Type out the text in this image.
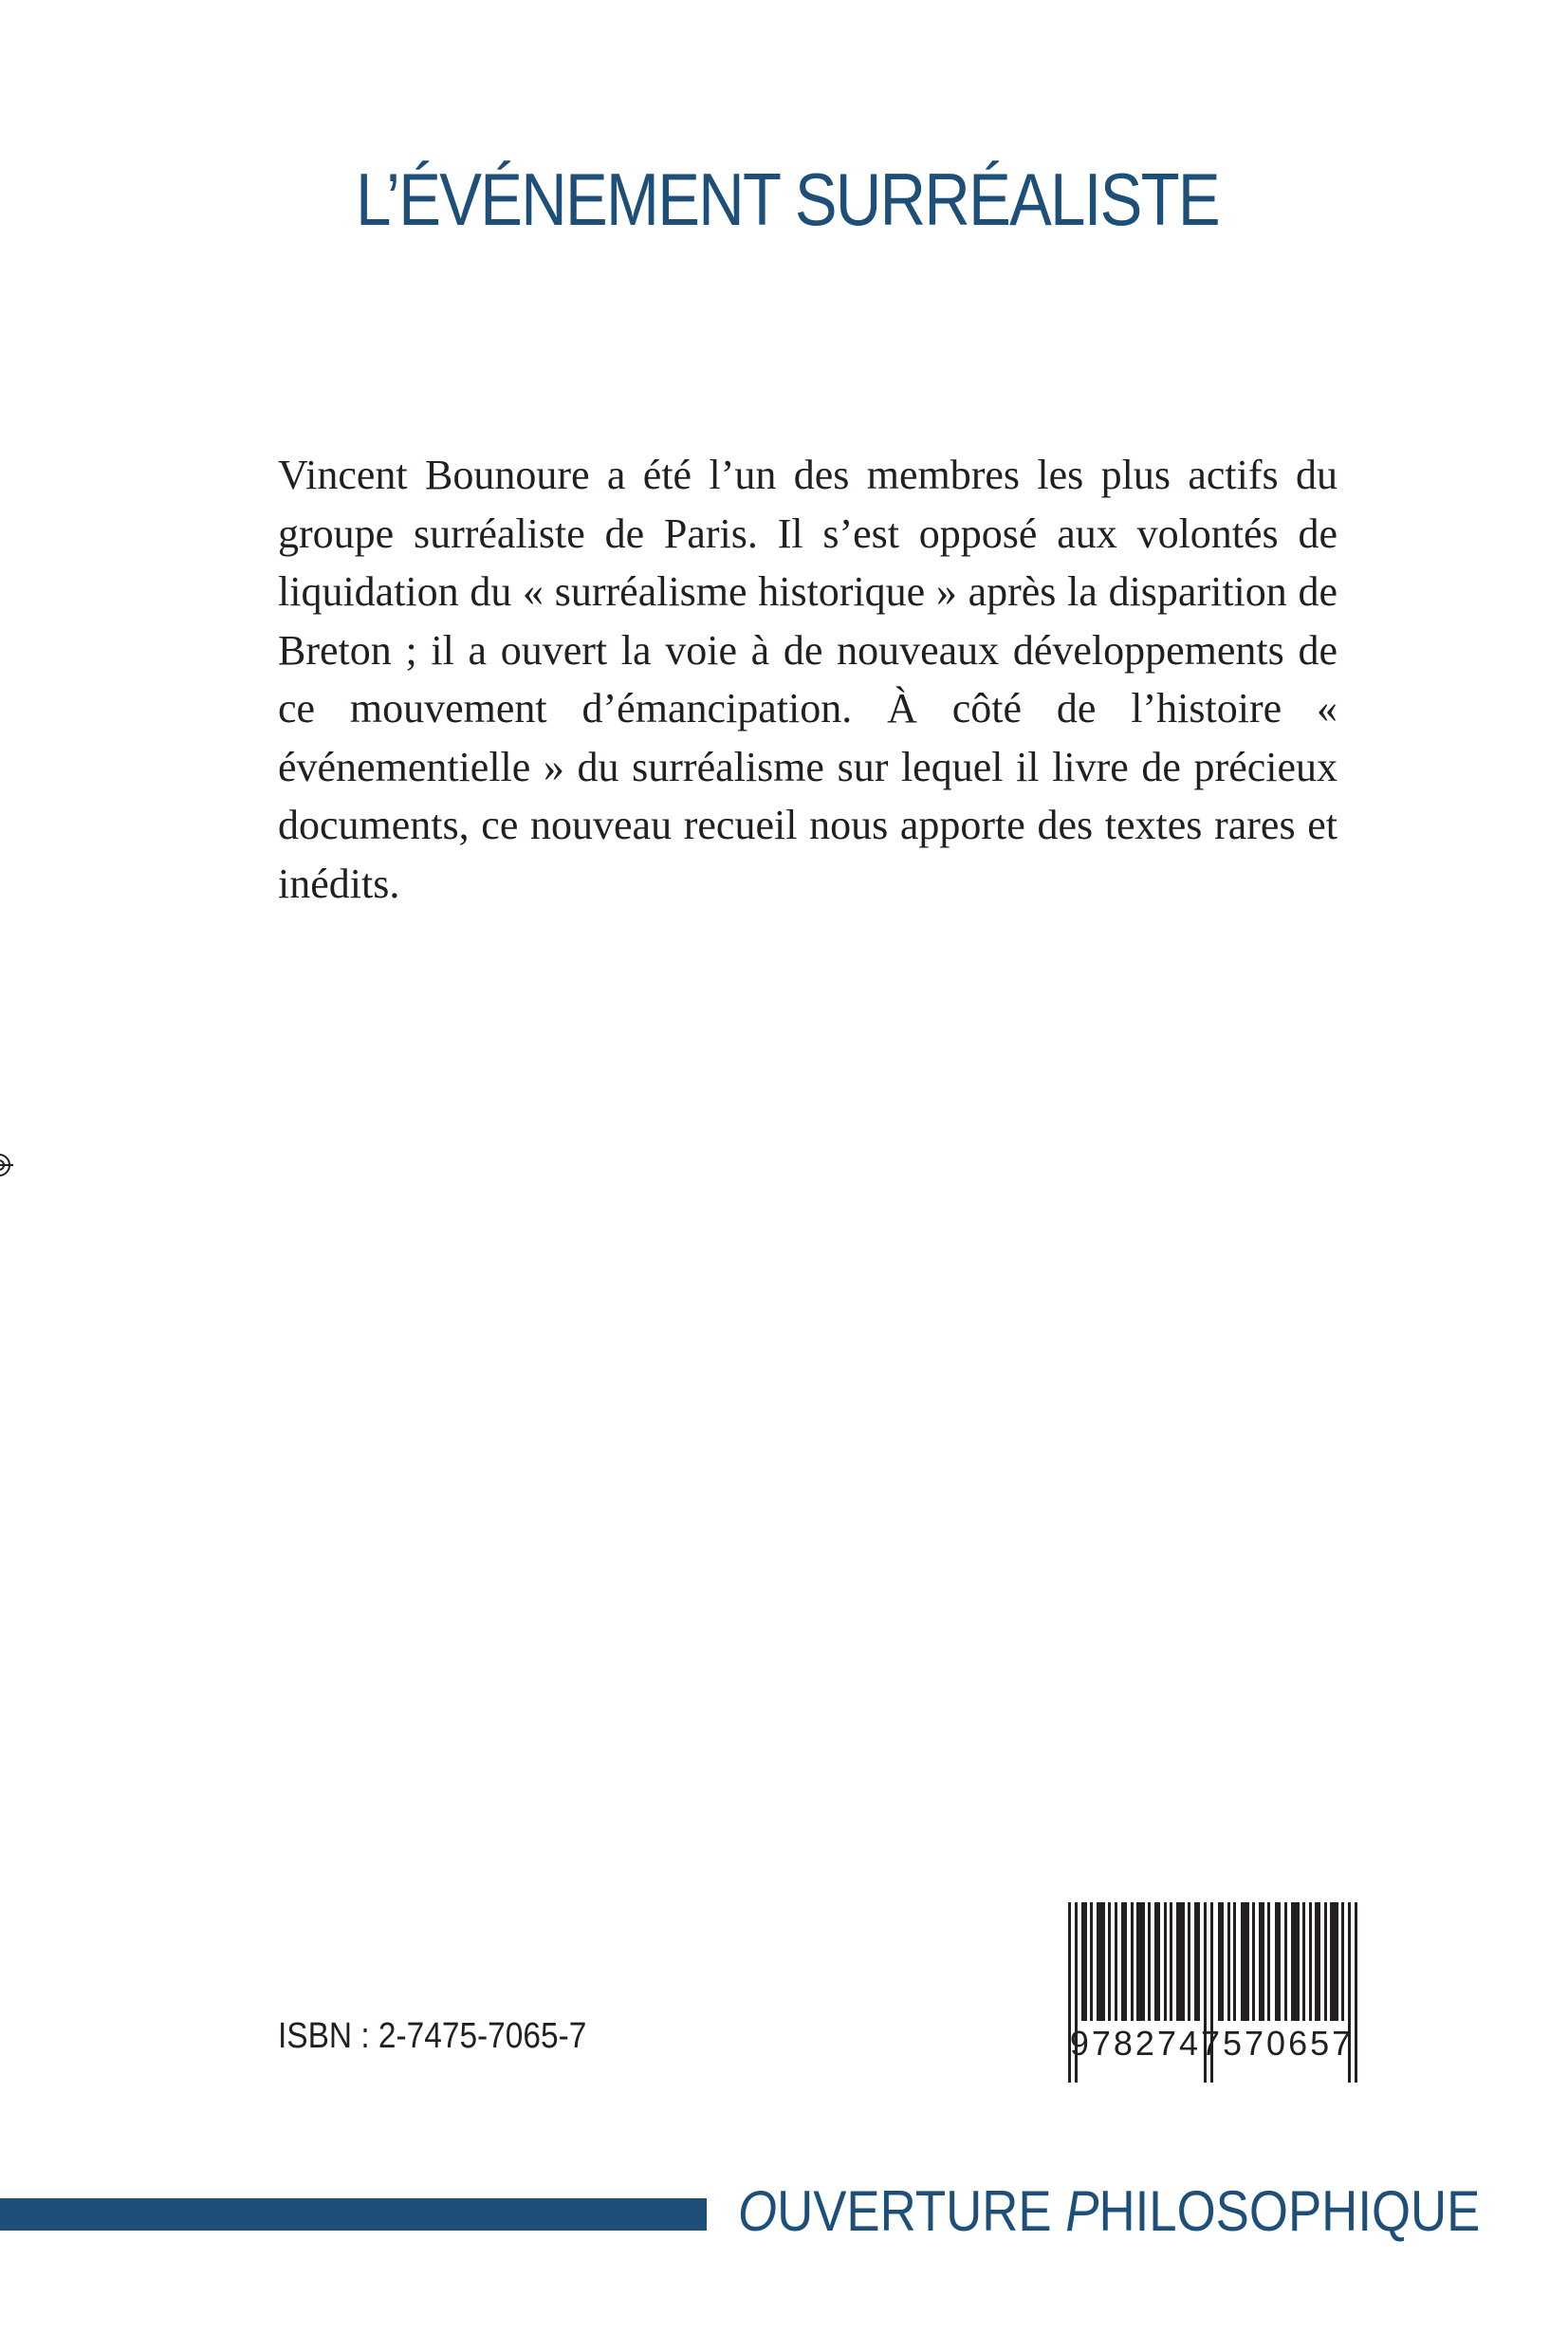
L’ÉVÉNEMENT SURRÉALISTE

Vincent Bounoure a été l’un des membres les plus actifs du groupe surréaliste de Paris. Il s’est opposé aux volontés de liquidation du « surréalisme historique » après la disparition de Breton ; il a ouvert la voie à de nouveaux développements de ce mouvement d’émancipation. À côté de l’histoire « événementielle » du surréalisme sur lequel il livre de précieux documents, ce nouveau recueil nous apporte des textes rares et inédits.

ISBN : 2-7475-7065-7	9782747570657
OUVERTURE PHILOSOPHIQUE
